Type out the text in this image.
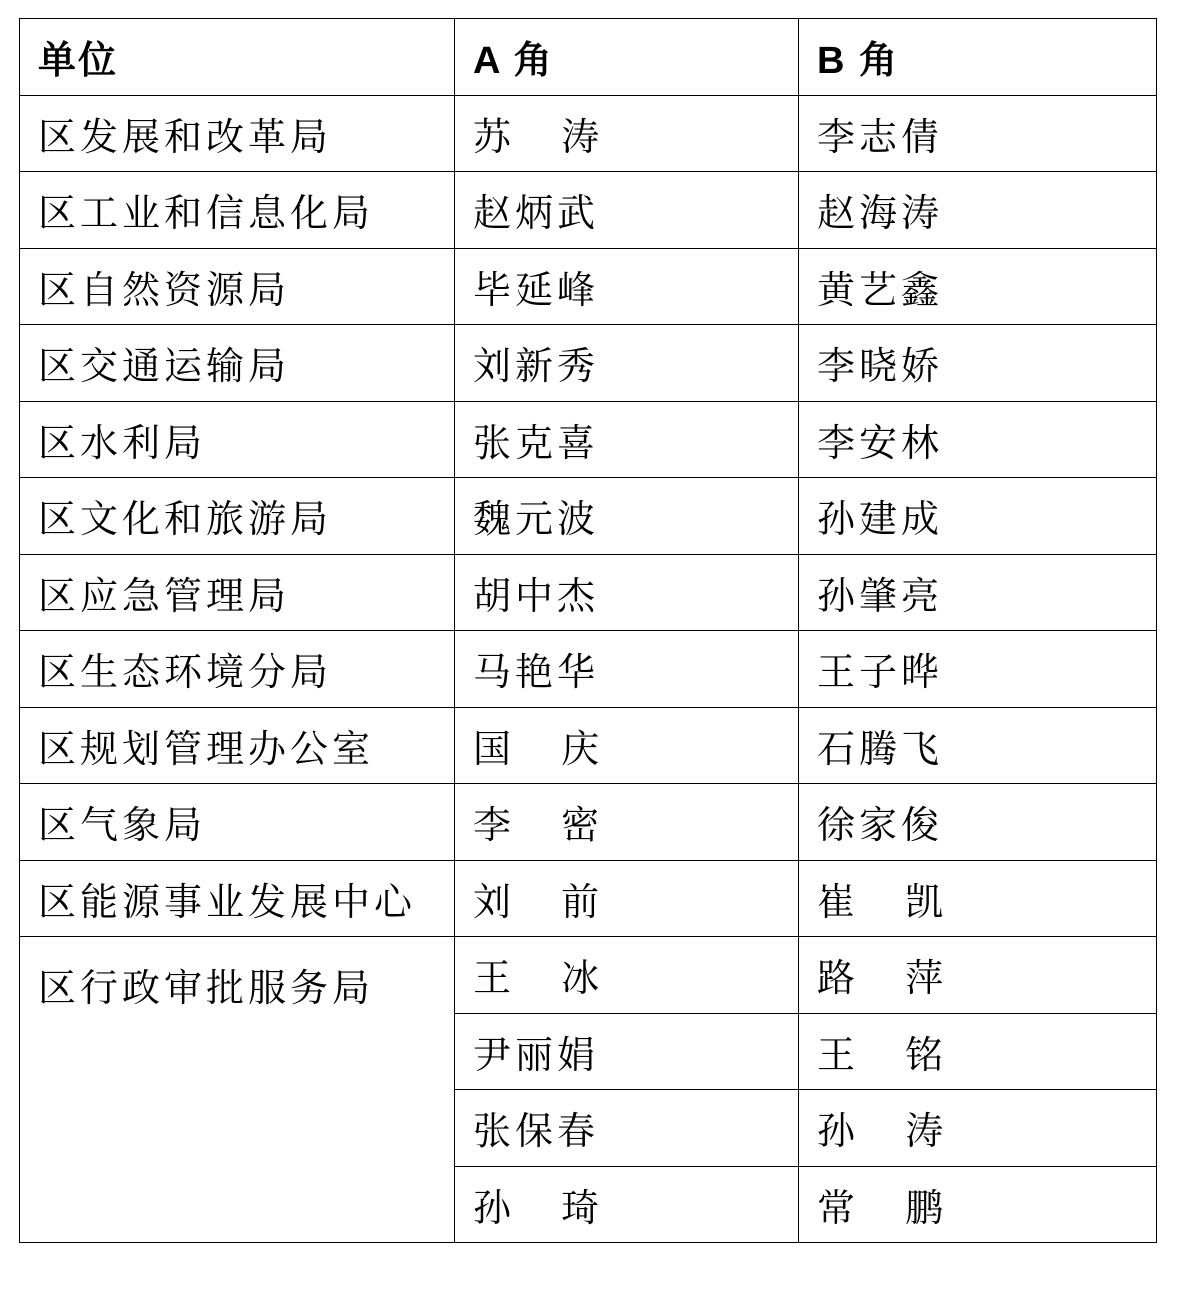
单位	A 角	B 角
区发展和改革局	苏　 涛	李志倩
区工业和信息化局	赵炳武	赵海涛
区自然资源局	毕延峰	黄艺鑫
区交通运输局	刘新秀	李晓娇
区水利局	张克喜	李安林
区文化和旅游局	魏元波	孙建成
区应急管理局	胡中杰	孙肇亮
区生态环境分局	马艳华	王子晔
区规划管理办公室	国　 庆	石腾飞
区气象局	李　 密	徐家俊
区能源事业发展中心	刘　 前	崔　 凯
区行政审批服务局	王　 冰	路　 萍
	尹丽娟	王　 铭
	张保春	孙　 涛
	孙　 琦	常　 鹏
